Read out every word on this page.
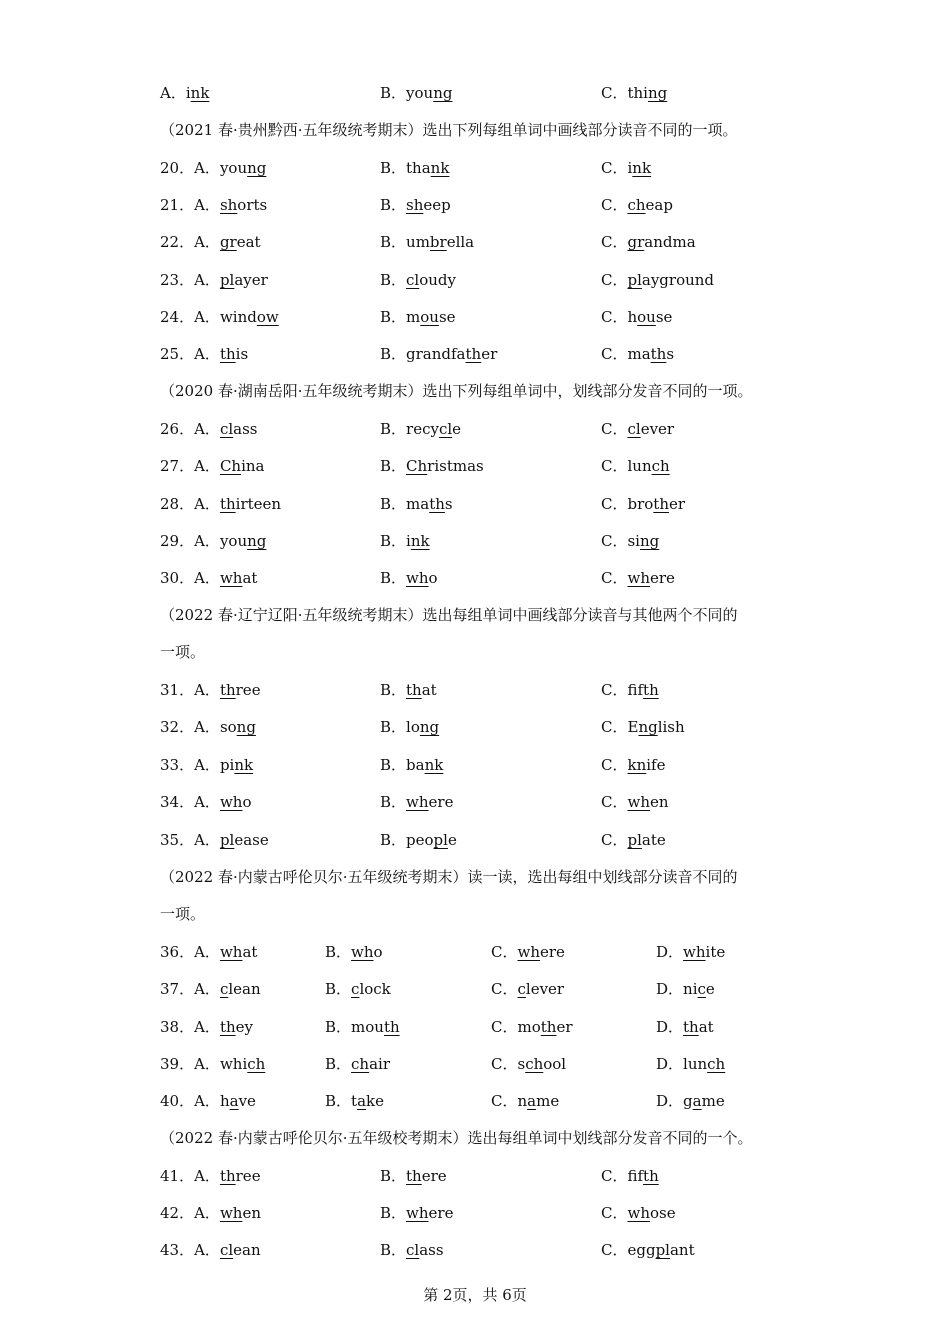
A．ink	B．young	C．thing
（2021 春·贵州黔西·五年级统考期末）选出下列每组单词中画线部分读音不同的一项。
20．A．young	B．thank	C．ink
21．A．shorts	B．sheep	C．cheap
22．A．great	B．umbrella	C．grandma
23．A．player	B．cloudy	C．playground
24．A．window	B．mouse	C．house
25．A．this	B．grandfather	C．maths
（2020 春·湖南岳阳·五年级统考期末）选出下列每组单词中，划线部分发音不同的一项。
26．A．class	B．recycle	C．clever
27．A．China	B．Christmas	C．lunch
28．A．thirteen	B．maths	C．brother
29．A．young	B．ink	C．sing
30．A．what	B．who	C．where
（2022 春·辽宁辽阳·五年级统考期末）选出每组单词中画线部分读音与其他两个不同的
一项。
31．A．three	B．that	C．fifth
32．A．song	B．long	C．English
33．A．pink	B．bank	C．knife
34．A．who	B．where	C．when
35．A．please	B．people	C．plate
（2022 春·内蒙古呼伦贝尔·五年级统考期末）读一读，选出每组中划线部分读音不同的
一项。
36．A．what	B．who	C．where	D．white
37．A．clean	B．clock	C．clever	D．nice
38．A．they	B．mouth	C．mother	D．that
39．A．which	B．chair	C．school	D．lunch
40．A．have	B．take	C．name	D．game
（2022 春·内蒙古呼伦贝尔·五年级校考期末）选出每组单词中划线部分发音不同的一个。
41．A．three	B．there	C．fifth
42．A．when	B．where	C．whose
43．A．clean	B．class	C．eggplant
第 2页，共 6页
